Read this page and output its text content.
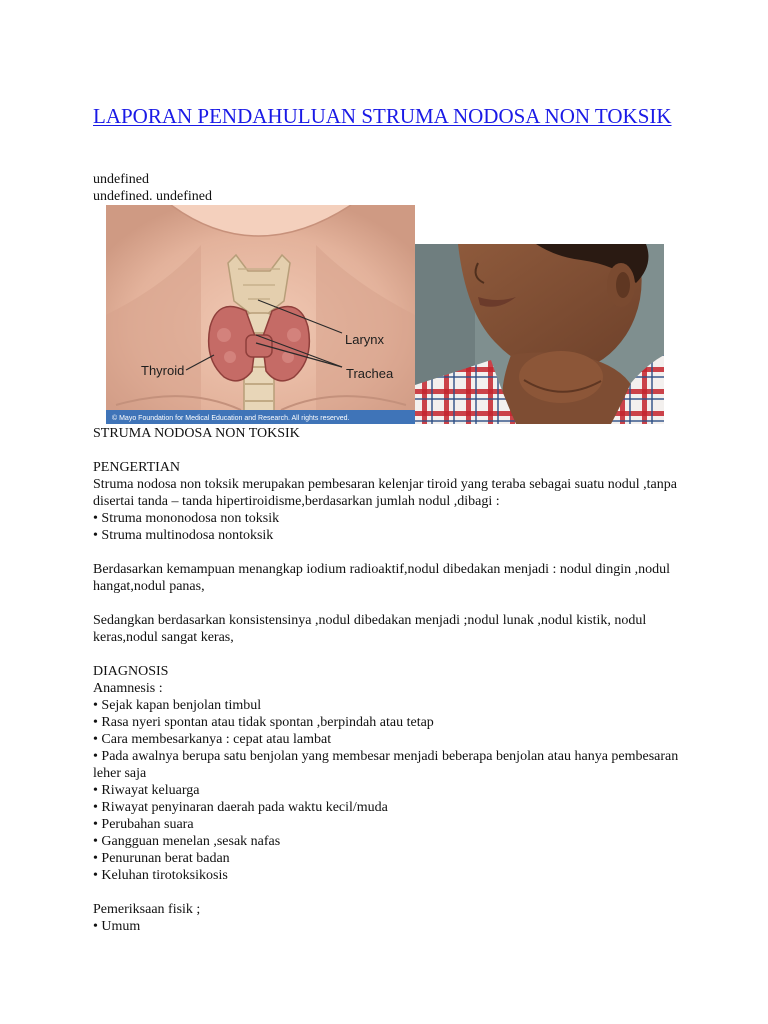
LAPORAN PENDAHULUAN STRUMA NODOSA NON TOKSIK
undefined
undefined. undefined
Larynx
Trachea
Thyroid
© Mayo Foundation for Medical Education and Research. All rights reserved.

STRUMA NODOSA NON TOKSIK

PENGERTIAN

Struma nodosa non toksik merupakan pembesaran kelenjar tiroid yang teraba sebagai suatu nodul ,tanpa disertai tanda – tanda hipertiroidisme,berdasarkan jumlah nodul ,dibagi :

• Struma mononodosa non toksik

• Struma multinodosa nontoksik

Berdasarkan kemampuan menangkap iodium radioaktif,nodul dibedakan menjadi : nodul dingin ,nodul hangat,nodul panas,

Sedangkan berdasarkan konsistensinya ,nodul dibedakan menjadi ;nodul lunak ,nodul kistik, nodul keras,nodul sangat keras,

DIAGNOSIS

Anamnesis :

• Sejak kapan benjolan timbul

• Rasa nyeri spontan atau tidak spontan ,berpindah atau tetap

• Cara membesarkanya : cepat atau lambat

• Pada awalnya berupa satu benjolan yang membesar menjadi beberapa benjolan atau hanya pembesaran leher saja

• Riwayat keluarga

• Riwayat penyinaran daerah pada waktu kecil/muda

• Perubahan suara

• Gangguan menelan ,sesak nafas

• Penurunan berat badan

• Keluhan tirotoksikosis

Pemeriksaan fisik ;

• Umum
